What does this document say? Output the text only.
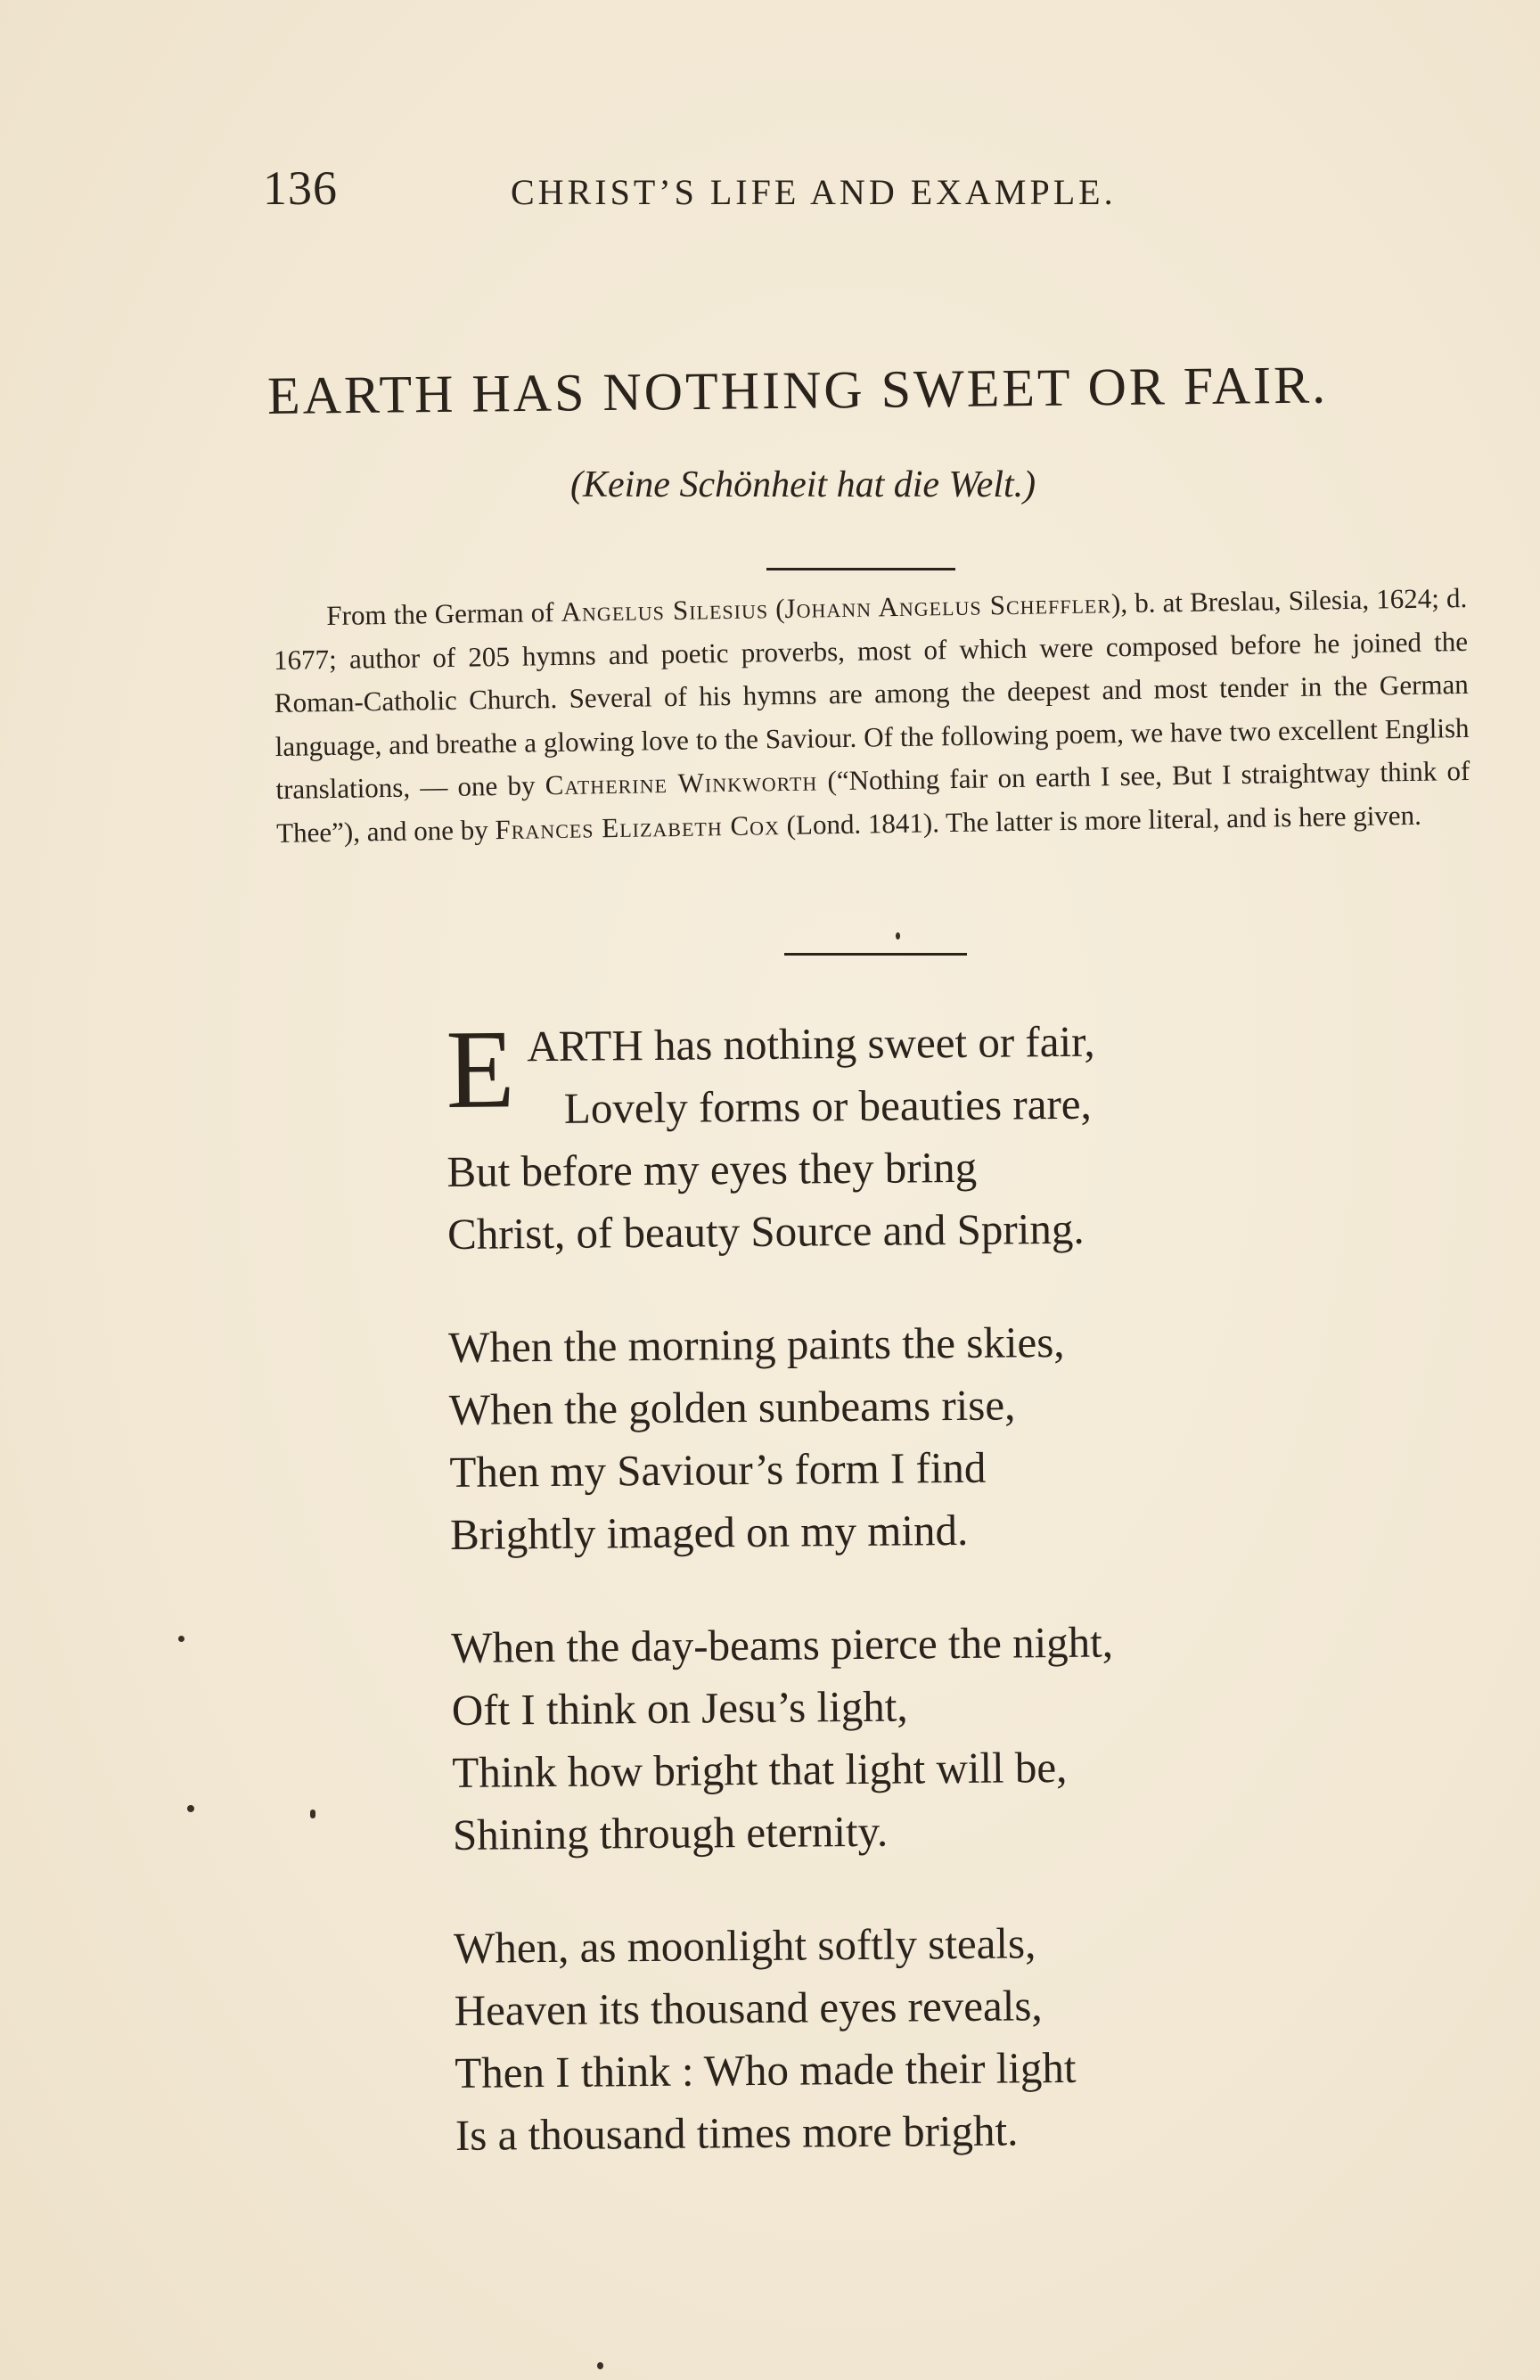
136	CHRIST’S LIFE AND EXAMPLE.
EARTH HAS NOTHING SWEET OR FAIR.
(Keine Schönheit hat die Welt.)

From the German of Angelus Silesius (Johann Angelus Scheffler), b. at Breslau, Silesia, 1624; d. 1677; author of 205 hymns and poetic proverbs, most of which were composed before he joined the Roman-Catholic Church. Several of his hymns are among the deepest and most tender in the German language, and breathe a glowing love to the Saviour. Of the following poem, we have two excellent English translations, — one by Catherine Winkworth (“Nothing fair on earth I see, But I straightway think of Thee”), and one by Frances Elizabeth Cox (Lond. 1841). The latter is more literal, and is here given.

E ARTH has nothing sweet or fair,
Lovely forms or beauties rare,
But before my eyes they bring
Christ, of beauty Source and Spring.
When the morning paints the skies,
When the golden sunbeams rise,
Then my Saviour’s form I find
Brightly imaged on my mind.
When the day-beams pierce the night,
Oft I think on Jesu’s light,
Think how bright that light will be,
Shining through eternity.
When, as moonlight softly steals,
Heaven its thousand eyes reveals,
Then I think : Who made their light
Is a thousand times more bright.
